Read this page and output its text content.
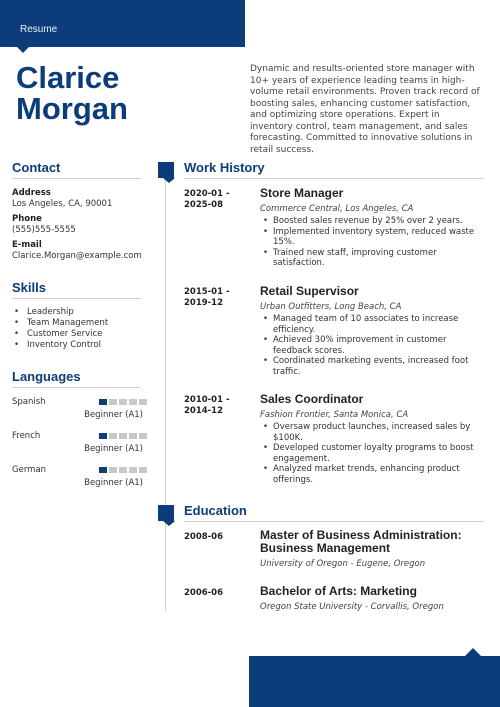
Resume
Clarice
Morgan

Dynamic and results-oriented store manager with 10+ years of experience leading teams in high-volume retail environments. Proven track record of boosting sales, enhancing customer satisfaction, and optimizing store operations. Expert in inventory control, team management, and sales forecasting. Committed to innovative solutions in retail success.

Contact
Address
Los Angeles, CA, 90001
Phone
(555)555-5555
E-mail
Clarice.Morgan@example.com
Skills
• Leadership
• Team Management
• Customer Service
• Inventory Control
Languages
Spanish
Beginner (A1)
French
Beginner (A1)
German
Beginner (A1)
Work History
2020-01 -
2025-08
Store Manager
Commerce Central, Los Angeles, CA
• Boosted sales revenue by 25% over 2 years.
• Implemented inventory system, reduced waste 15%.
• Trained new staff, improving customer satisfaction.
2015-01 -
2019-12
Retail Supervisor
Urban Outfitters, Long Beach, CA
• Managed team of 10 associates to increase efficiency.
• Achieved 30% improvement in customer feedback scores.
• Coordinated marketing events, increased foot traffic.
2010-01 -
2014-12
Sales Coordinator
Fashion Frontier, Santa Monica, CA
• Oversaw product launches, increased sales by $100K.
• Developed customer loyalty programs to boost engagement.
• Analyzed market trends, enhancing product offerings.
Education
2008-06	Master of Business Administration:
Business Management
University of Oregon - Eugene, Oregon
2006-06	Bachelor of Arts: Marketing
Oregon State University - Corvallis, Oregon
